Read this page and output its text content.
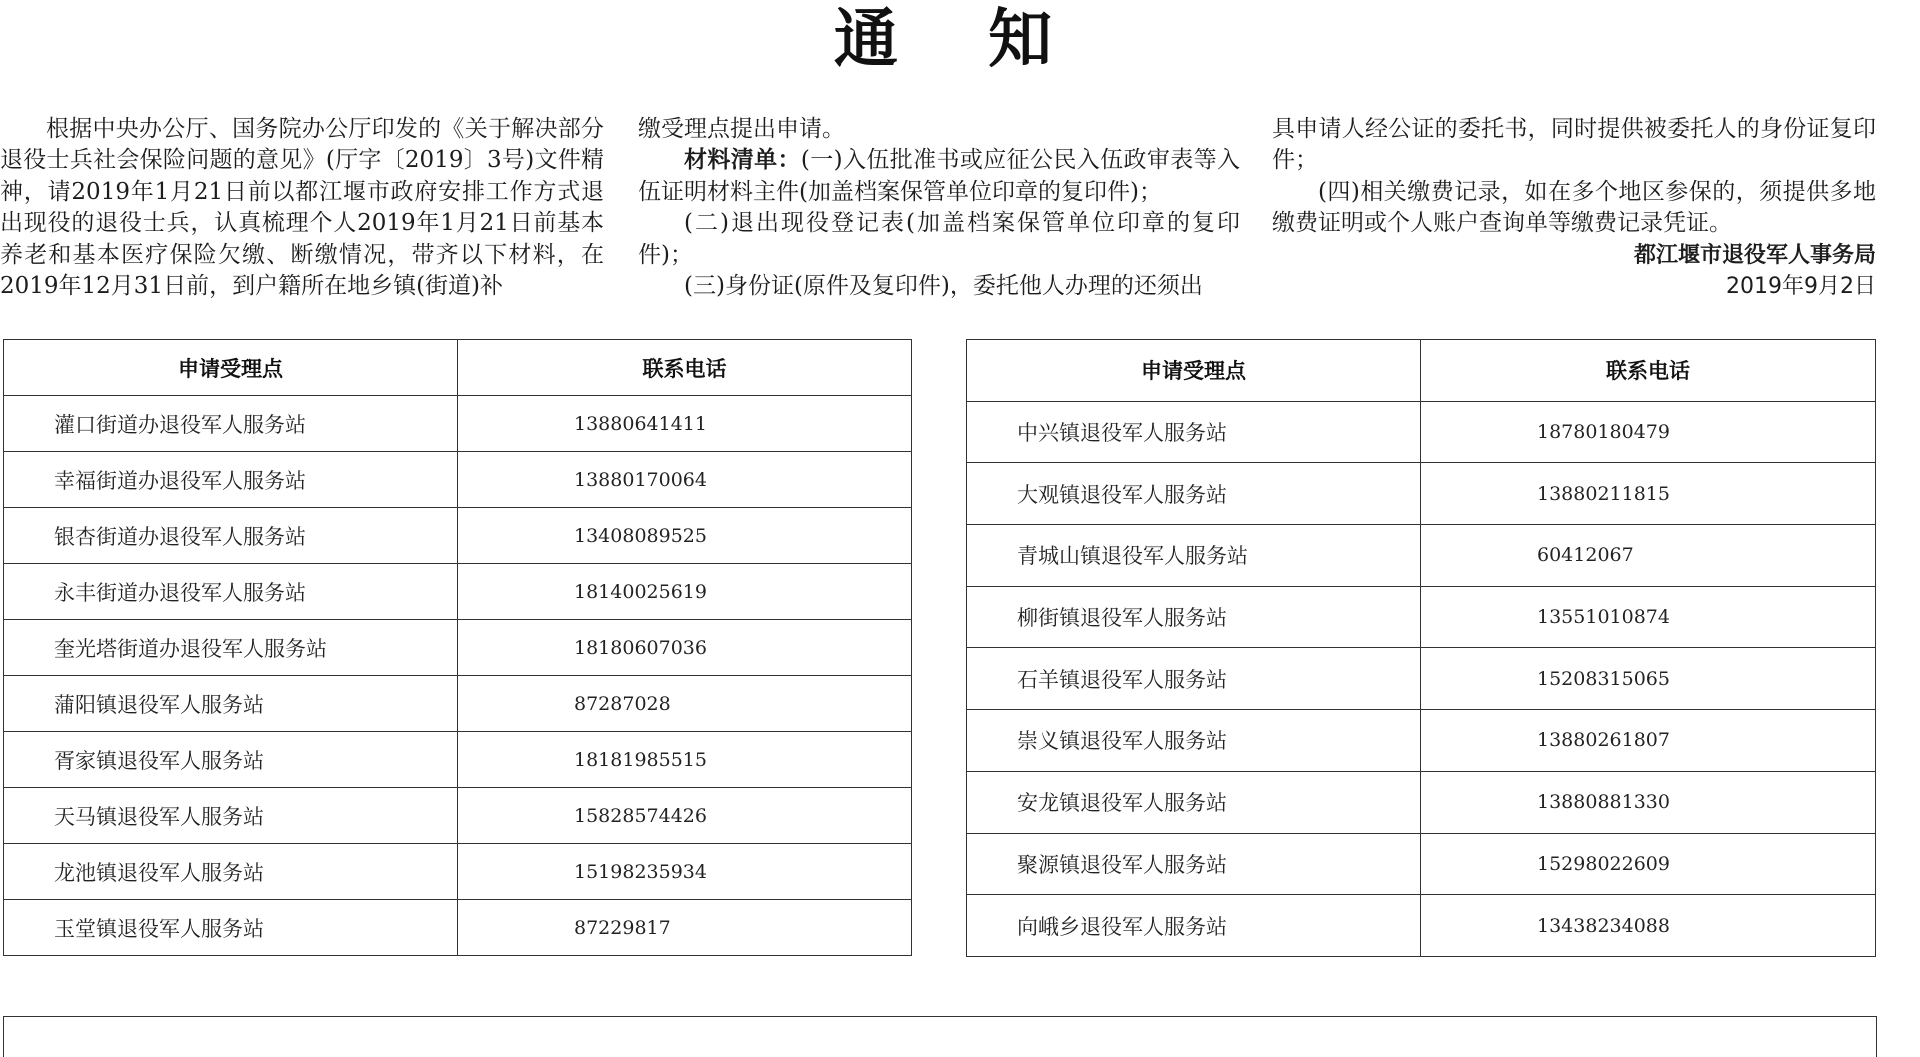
通 知

根据中央办公厅、国务院办公厅印发的《关于解决部分退役士兵社会保险问题的意见》(厅字〔2019〕3号)文件精神，请2019年1月21日前以都江堰市政府安排工作方式退出现役的退役士兵，认真梳理个人2019年1月21日前基本养老和基本医疗保险欠缴、断缴情况，带齐以下材料，在2019年12月31日前，到户籍所在地乡镇(街道)补

缴受理点提出申请。

材料清单：(一)入伍批准书或应征公民入伍政审表等入伍证明材料主件(加盖档案保管单位印章的复印件)；

(二)退出现役登记表(加盖档案保管单位印章的复印件)；

(三)身份证(原件及复印件)，委托他人办理的还须出

具申请人经公证的委托书，同时提供被委托人的身份证复印件；

(四)相关缴费记录，如在多个地区参保的，须提供多地缴费证明或个人账户查询单等缴费记录凭证。

都江堰市退役军人事务局

2019年9月2日

申请受理点	联系电话
灌口街道办退役军人服务站	13880641411
幸福街道办退役军人服务站	13880170064
银杏街道办退役军人服务站	13408089525
永丰街道办退役军人服务站	18140025619
奎光塔街道办退役军人服务站	18180607036
蒲阳镇退役军人服务站	87287028
胥家镇退役军人服务站	18181985515
天马镇退役军人服务站	15828574426
龙池镇退役军人服务站	15198235934
玉堂镇退役军人服务站	87229817
申请受理点	联系电话
中兴镇退役军人服务站	18780180479
大观镇退役军人服务站	13880211815
青城山镇退役军人服务站	60412067
柳街镇退役军人服务站	13551010874
石羊镇退役军人服务站	15208315065
崇义镇退役军人服务站	13880261807
安龙镇退役军人服务站	13880881330
聚源镇退役军人服务站	15298022609
向峨乡退役军人服务站	13438234088
